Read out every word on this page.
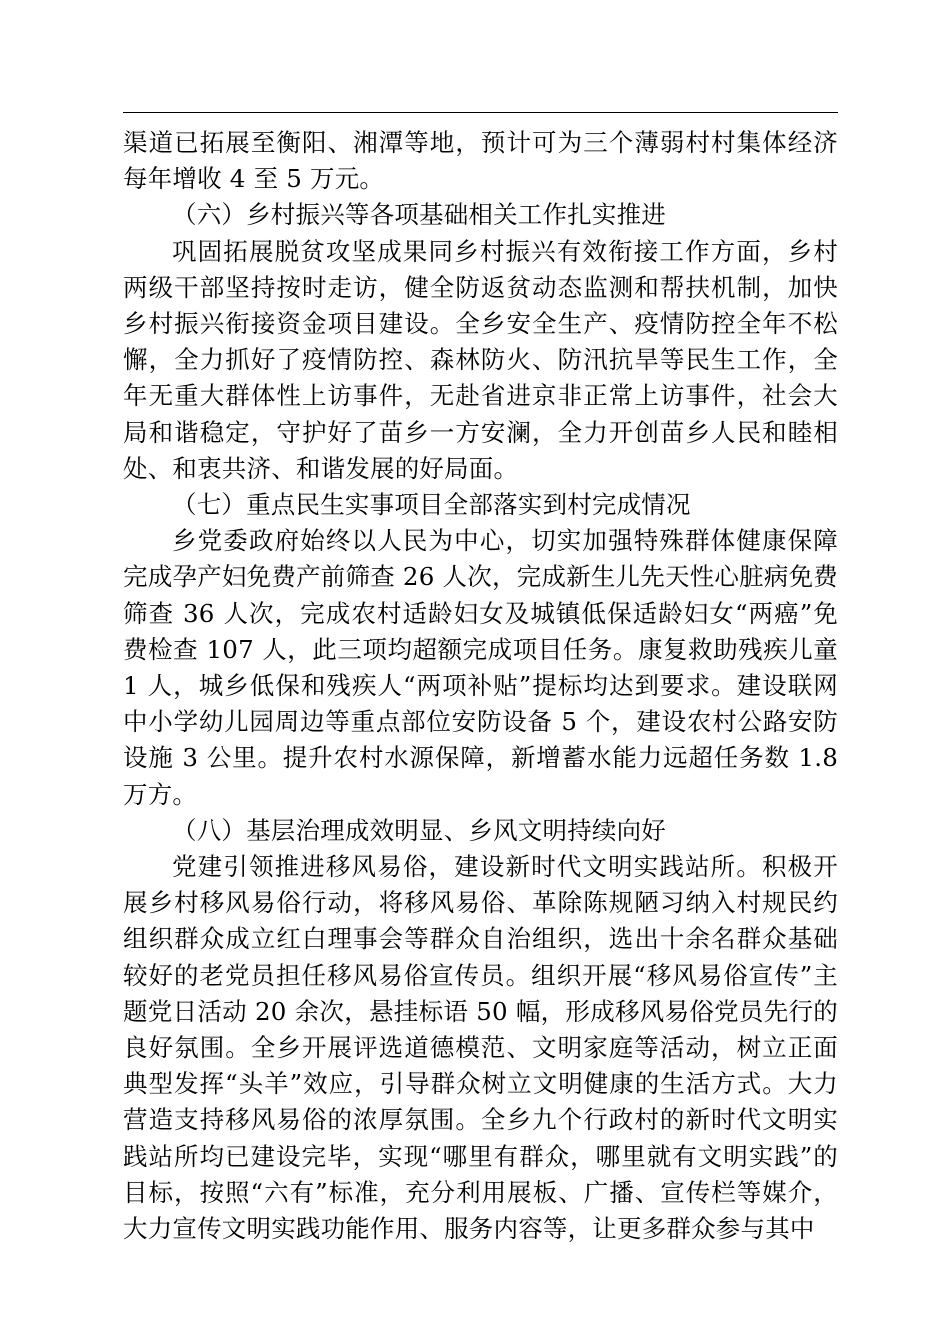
渠道已拓展至衡阳、湘潭等地，预计可为三个薄弱村村集体经济每年增收 4 至 5 万元。

（六）乡村振兴等各项基础相关工作扎实推进

巩固拓展脱贫攻坚成果同乡村振兴有效衔接工作方面，乡村两级干部坚持按时走访，健全防返贫动态监测和帮扶机制，加快乡村振兴衔接资金项目建设。全乡安全生产、疫情防控全年不松懈，全力抓好了疫情防控、森林防火、防汛抗旱等民生工作，全年无重大群体性上访事件，无赴省进京非正常上访事件，社会大局和谐稳定，守护好了苗乡一方安澜，全力开创苗乡人民和睦相处、和衷共济、和谐发展的好局面。

（七）重点民生实事项目全部落实到村完成情况

乡党委政府始终以人民为中心，切实加强特殊群体健康保障完成孕产妇免费产前筛查 26 人次，完成新生儿先天性心脏病免费筛查 36 人次，完成农村适龄妇女及城镇低保适龄妇女“两癌”免费检查 107 人，此三项均超额完成项目任务。康复救助残疾儿童 1 人，城乡低保和残疾人“两项补贴”提标均达到要求。建设联网中小学幼儿园周边等重点部位安防设备 5 个，建设农村公路安防设施 3 公里。提升农村水源保障，新增蓄水能力远超任务数 1.8 万方。

（八）基层治理成效明显、乡风文明持续向好

党建引领推进移风易俗，建设新时代文明实践站所。积极开展乡村移风易俗行动，将移风易俗、革除陈规陋习纳入村规民约组织群众成立红白理事会等群众自治组织，选出十余名群众基础较好的老党员担任移风易俗宣传员。组织开展“移风易俗宣传”主题党日活动 20 余次，悬挂标语 50 幅，形成移风易俗党员先行的良好氛围。全乡开展评选道德模范、文明家庭等活动，树立正面典型发挥“头羊”效应，引导群众树立文明健康的生活方式。大力营造支持移风易俗的浓厚氛围。全乡九个行政村的新时代文明实践站所均已建设完毕，实现“哪里有群众，哪里就有文明实践”的目标，按照“六有”标准，充分利用展板、广播、宣传栏等媒介，大力宣传文明实践功能作用、服务内容等，让更多群众参与其中
